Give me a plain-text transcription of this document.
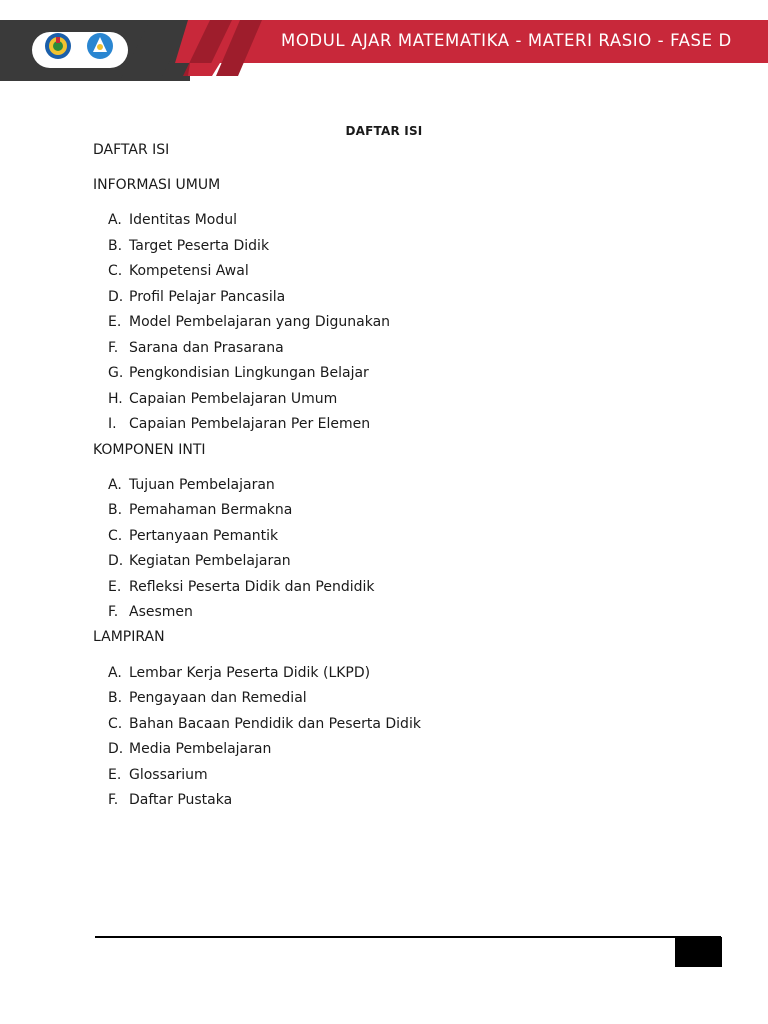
MODUL AJAR MATEMATIKA - MATERI RASIO - FASE D
DAFTAR ISI
DAFTAR ISI
INFORMASI UMUM
A. Identitas Modul
B. Target Peserta Didik
C. Kompetensi Awal
D. Profil Pelajar Pancasila
E. Model Pembelajaran yang Digunakan
F. Sarana dan Prasarana
G. Pengkondisian Lingkungan Belajar
H. Capaian Pembelajaran Umum
I. Capaian Pembelajaran Per Elemen
KOMPONEN INTI
A. Tujuan Pembelajaran
B. Pemahaman Bermakna
C. Pertanyaan Pemantik
D. Kegiatan Pembelajaran
E. Refleksi Peserta Didik dan Pendidik
F. Asesmen
LAMPIRAN
A. Lembar Kerja Peserta Didik (LKPD)
B. Pengayaan dan Remedial
C. Bahan Bacaan Pendidik dan Peserta Didik
D. Media Pembelajaran
E. Glossarium
F. Daftar Pustaka
